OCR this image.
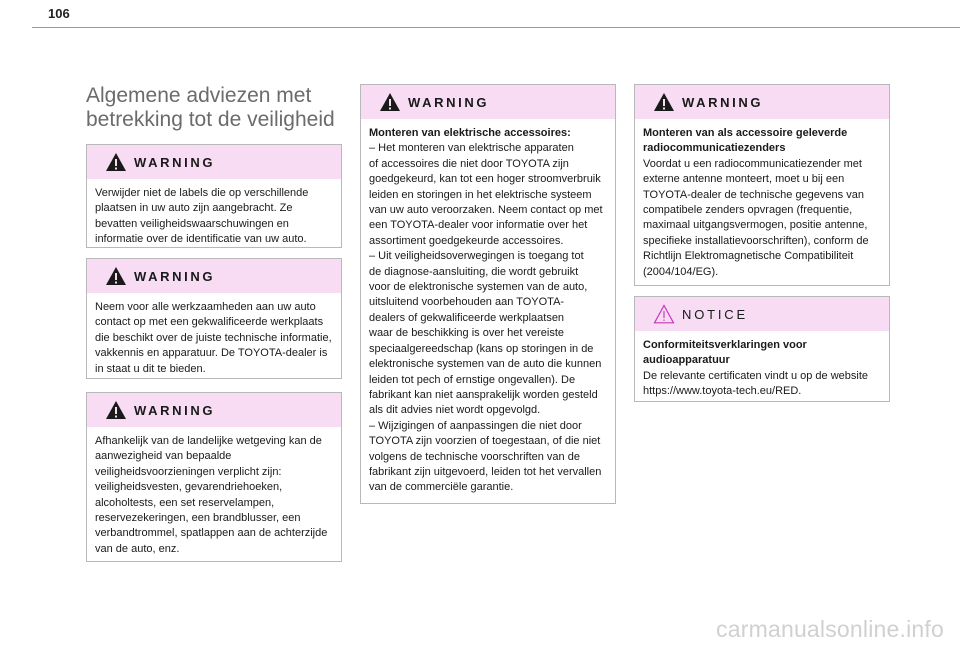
106
Algemene adviezen met
betrekking tot de veiligheid
WARNING

Verwijder niet de labels die op verschillende

plaatsen in uw auto zijn aangebracht. Ze

bevatten veiligheidswaarschuwingen en

informatie over de identificatie van uw auto.

WARNING

Neem voor alle werkzaamheden aan uw auto

contact op met een gekwalificeerde werkplaats

die beschikt over de juiste technische informatie,

vakkennis en apparatuur. De TOYOTA-dealer is

in staat u dit te bieden.

WARNING

Afhankelijk van de landelijke wetgeving kan de

aanwezigheid van bepaalde

veiligheidsvoorzieningen verplicht zijn:

veiligheidsvesten, gevarendriehoeken,

alcoholtests, een set reservelampen,

reservezekeringen, een brandblusser, een

verbandtrommel, spatlappen aan de achterzijde

van de auto, enz.

WARNING

Monteren van elektrische accessoires:

– Het monteren van elektrische apparaten

of accessoires die niet door TOYOTA zijn

goedgekeurd, kan tot een hoger stroomverbruik

leiden en storingen in het elektrische systeem

van uw auto veroorzaken. Neem contact op met

een TOYOTA-dealer voor informatie over het

assortiment goedgekeurde accessoires.

– Uit veiligheidsoverwegingen is toegang tot

de diagnose-aansluiting, die wordt gebruikt

voor de elektronische systemen van de auto,

uitsluitend voorbehouden aan TOYOTA-

dealers of gekwalificeerde werkplaatsen

waar de beschikking is over het vereiste

speciaalgereedschap (kans op storingen in de

elektronische systemen van de auto die kunnen

leiden tot pech of ernstige ongevallen). De

fabrikant kan niet aansprakelijk worden gesteld

als dit advies niet wordt opgevolgd.

– Wijzigingen of aanpassingen die niet door

TOYOTA zijn voorzien of toegestaan, of die niet

volgens de technische voorschriften van de

fabrikant zijn uitgevoerd, leiden tot het vervallen

van de commerciële garantie.

WARNING

Monteren van als accessoire geleverde

radiocommunicatiezenders

Voordat u een radiocommunicatiezender met

externe antenne monteert, moet u bij een

TOYOTA-dealer de technische gegevens van

compatibele zenders opvragen (frequentie,

maximaal uitgangsvermogen, positie antenne,

specifieke installatievoorschriften), conform de

Richtlijn Elektromagnetische Compatibiliteit

(2004/104/EG).

NOTICE

Conformiteitsverklaringen voor

audioapparatuur

De relevante certificaten vindt u op de website

https://www.toyota-tech.eu/RED.

carmanualsonline.info
